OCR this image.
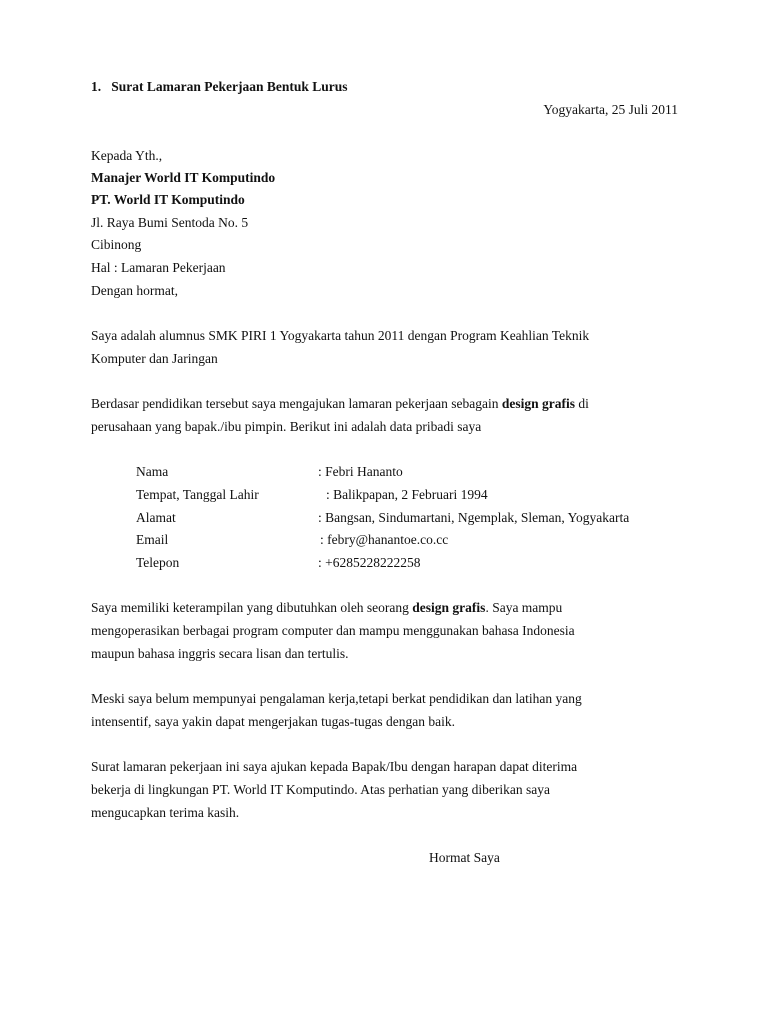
1. Surat Lamaran Pekerjaan Bentuk Lurus
Yogyakarta, 25 Juli 2011
Kepada Yth.,
Manajer World IT Komputindo
PT. World IT Komputindo
Jl. Raya Bumi Sentoda No. 5
Cibinong
Hal : Lamaran Pekerjaan
Dengan hormat,
Saya adalah alumnus SMK PIRI 1 Yogyakarta tahun 2011 dengan Program Keahlian Teknik
Komputer dan Jaringan
Berdasar pendidikan tersebut saya mengajukan lamaran pekerjaan sebagain design grafis di
perusahaan yang bapak./ibu pimpin. Berikut ini adalah data pribadi saya
Nama	: Febri Hananto
Tempat, Tanggal Lahir	: Balikpapan, 2 Februari 1994
Alamat	: Bangsan, Sindumartani, Ngemplak, Sleman, Yogyakarta
Email	: febry@hanantoe.co.cc
Telepon	: +6285228222258
Saya memiliki keterampilan yang dibutuhkan oleh seorang design grafis. Saya mampu
mengoperasikan berbagai program computer dan mampu menggunakan bahasa Indonesia
maupun bahasa inggris secara lisan dan tertulis.
Meski saya belum mempunyai pengalaman kerja,tetapi berkat pendidikan dan latihan yang
intensentif, saya yakin dapat mengerjakan tugas-tugas dengan baik.
Surat lamaran pekerjaan ini saya ajukan kepada Bapak/Ibu dengan harapan dapat diterima
bekerja di lingkungan PT. World IT Komputindo. Atas perhatian yang diberikan saya
mengucapkan terima kasih.
Hormat Saya
